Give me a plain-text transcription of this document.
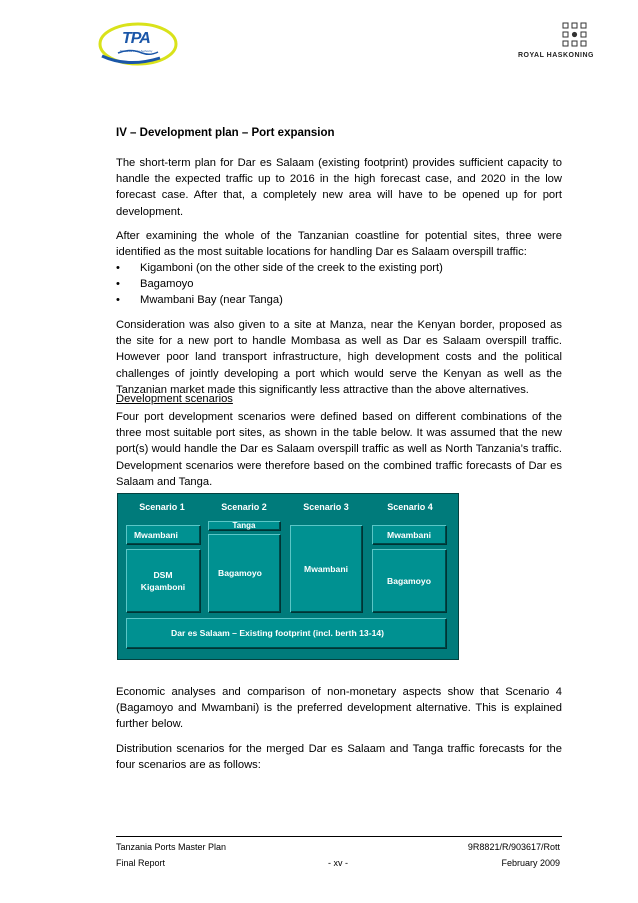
TPA
Tanzania Ports Authority
ROYAL HASKONING
IV – Development plan – Port expansion

The short-term plan for Dar es Salaam (existing footprint) provides sufficient capacity to handle the expected traffic up to 2016 in the high forecast case, and 2020 in the low forecast case. After that, a completely new area will have to be opened up for port development.

After examining the whole of the Tanzanian coastline for potential sites, three were identified as the most suitable locations for handling Dar es Salaam overspill traffic:

•	Kigamboni (on the other side of the creek to the existing port)
•	Bagamoyo
•	Mwambani Bay (near Tanga)

Consideration was also given to a site at Manza, near the Kenyan border, proposed as the site for a new port to handle Mombasa as well as Dar es Salaam overspill traffic. However poor land transport infrastructure, high development costs and the political challenges of jointly developing a port which would serve the Kenyan as well as the Tanzanian market made this significantly less attractive than the above alternatives.

Development scenarios

Four port development scenarios were defined based on different combinations of the three most suitable port sites, as shown in the table below. It was assumed that the new port(s) would handle the Dar es Salaam overspill traffic as well as North Tanzania’s traffic. Development scenarios were therefore based on the combined traffic forecasts of Dar es Salaam and Tanga.

Scenario 1	Scenario 2	Scenario 3	Scenario 4
Mwambani
DSM
Kigamboni
Tanga
Bagamoyo	Mwambani
Mwambani
Bagamoyo
Dar es Salaam – Existing footprint (incl. berth 13-14)

Economic analyses and comparison of non-monetary aspects show that Scenario 4 (Bagamoyo and Mwambani) is the preferred development alternative. This is explained further below.

Distribution scenarios for the merged Dar es Salaam and Tanga traffic forecasts for the four scenarios are as follows:

Tanzania Ports Master Plan	9R8821/R/903617/Rott
Final Report	- xv -	February 2009
